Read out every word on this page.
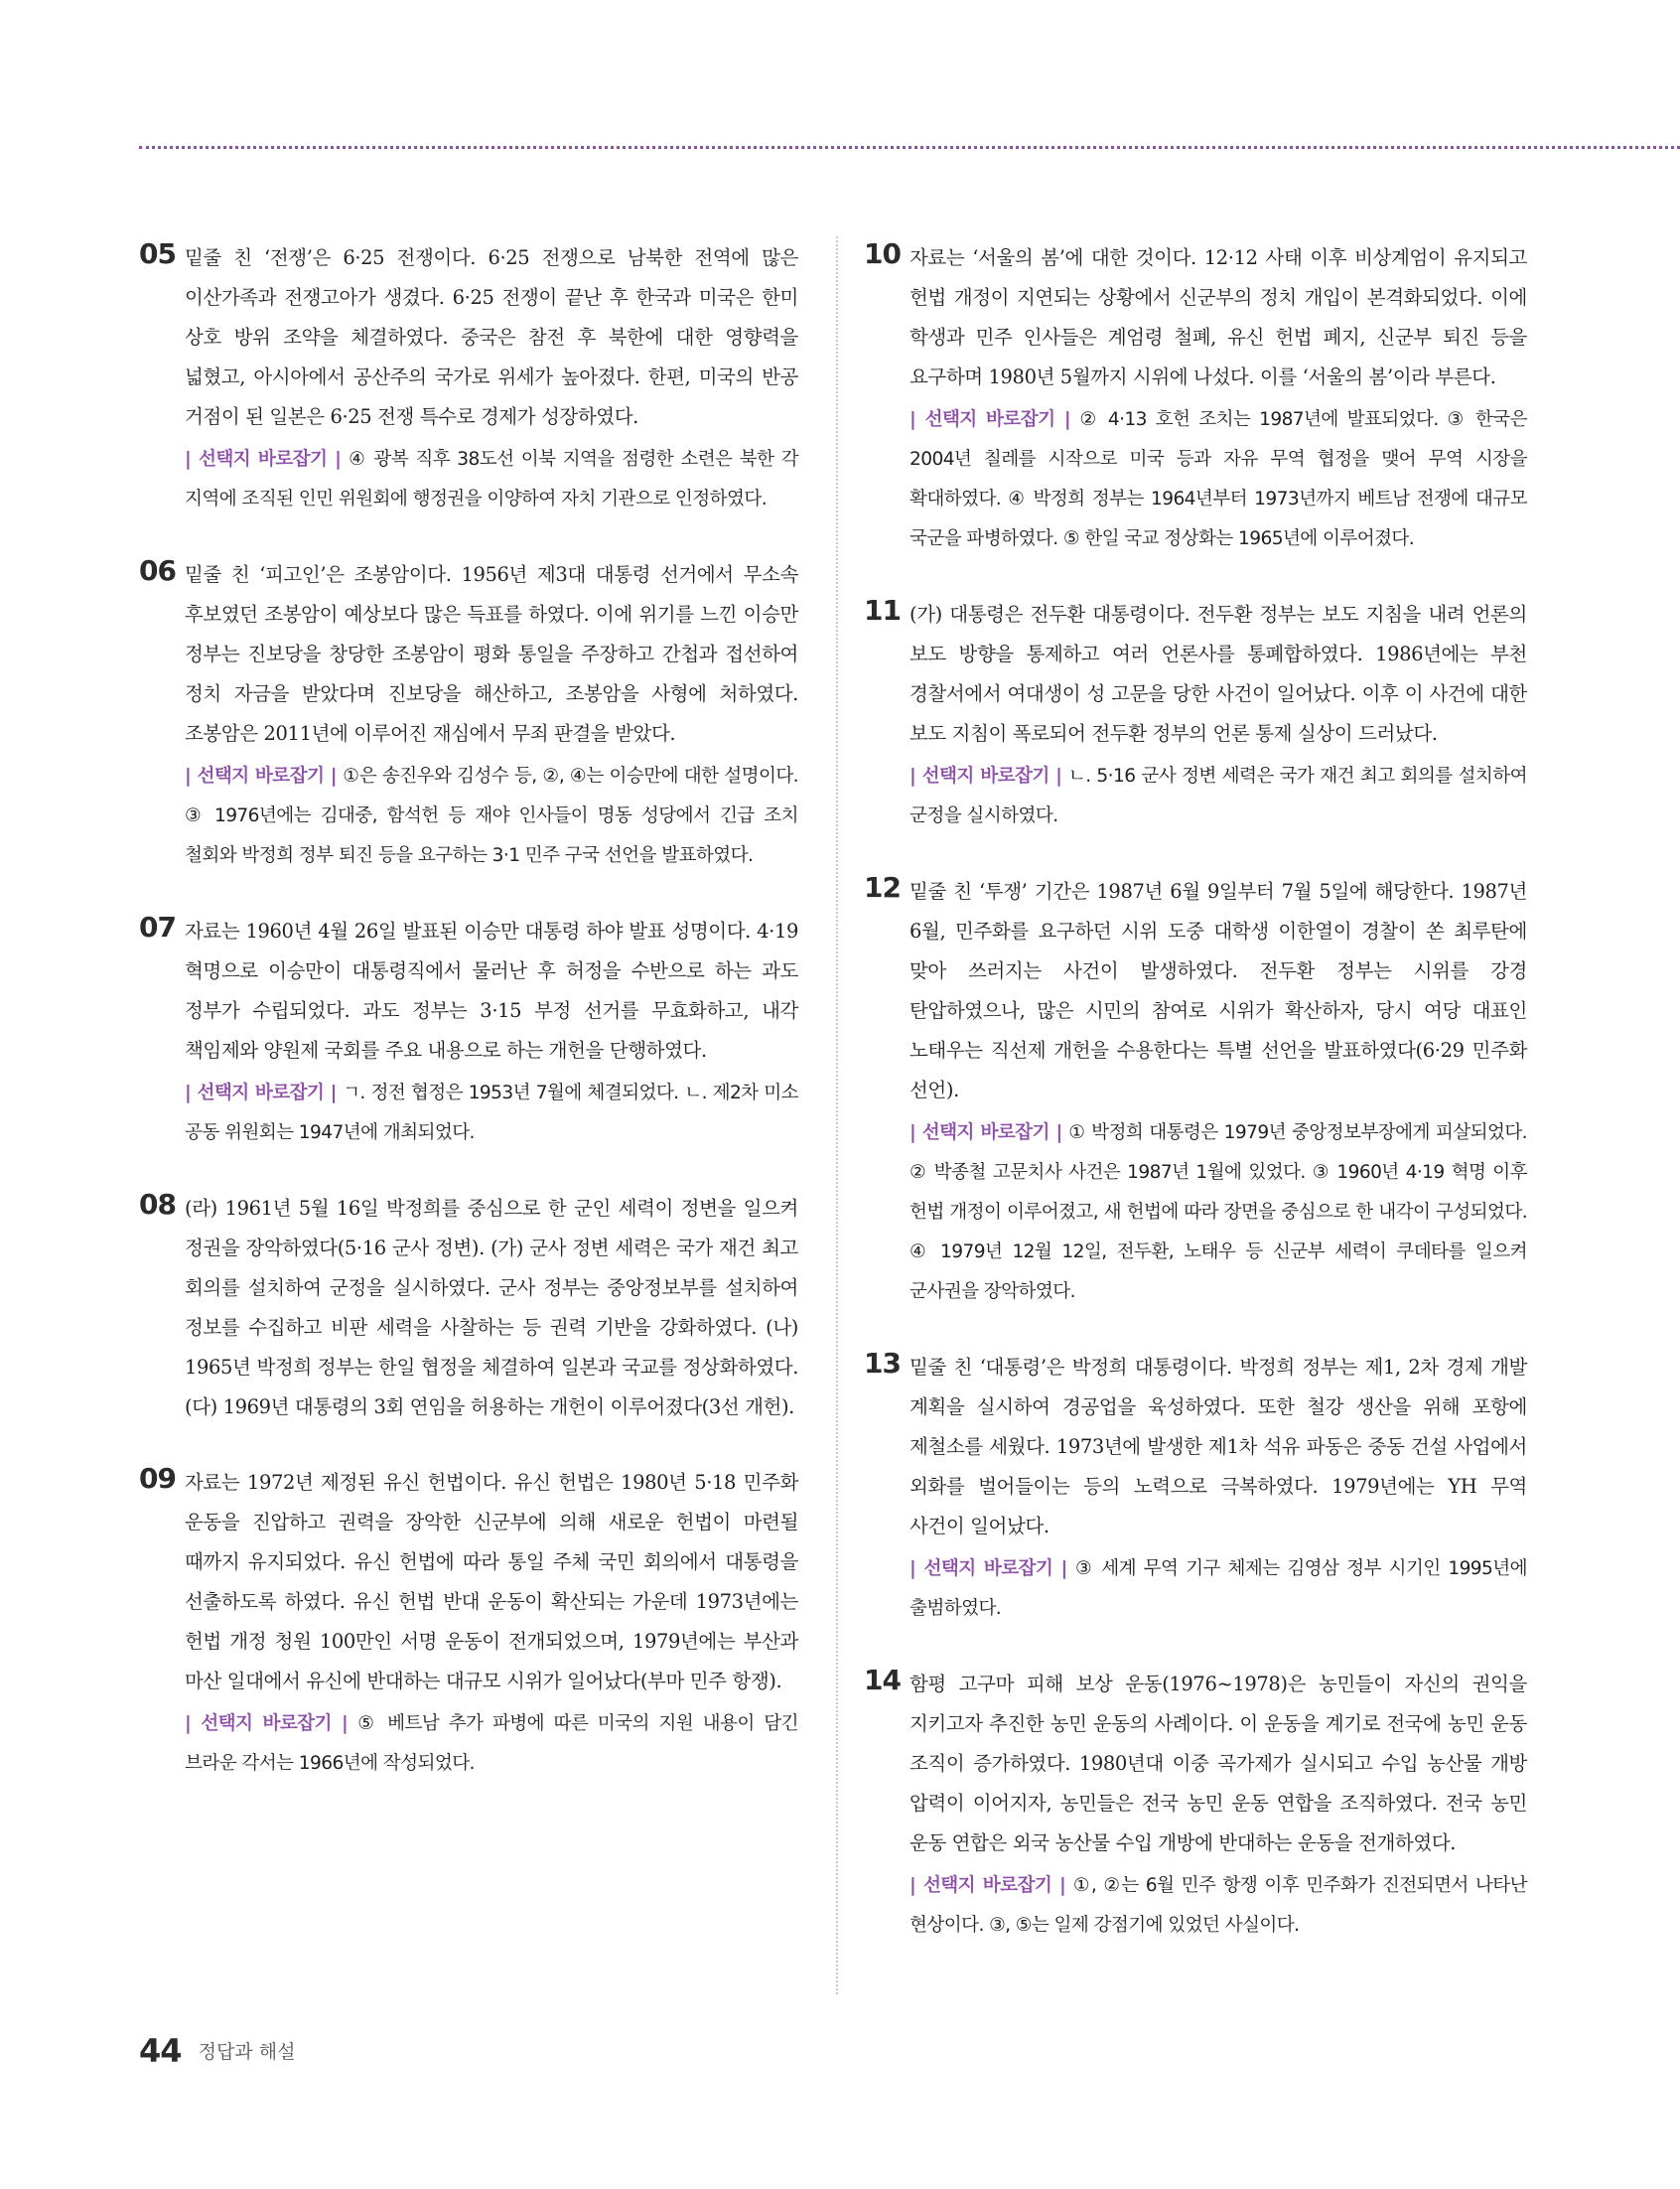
05 밑줄 친 ‘전쟁’은 6·25 전쟁이다. 6·25 전쟁으로 남북한 전역에 많은 이산가족과 전쟁고아가 생겼다. 6·25 전쟁이 끝난 후 한국과 미국은 한미 상호 방위 조약을 체결하였다. 중국은 참전 후 북한에 대한 영향력을 넓혔고, 아시아에서 공산주의 국가로 위세가 높아졌다. 한편, 미국의 반공 거점이 된 일본은 6·25 전쟁 특수로 경제가 성장하였다.

| 선택지 바로잡기 | ④ 광복 직후 38도선 이북 지역을 점령한 소련은 북한 각 지역에 조직된 인민 위원회에 행정권을 이양하여 자치 기관으로 인정하였다.

06 밑줄 친 ‘피고인’은 조봉암이다. 1956년 제3대 대통령 선거에서 무소속 후보였던 조봉암이 예상보다 많은 득표를 하였다. 이에 위기를 느낀 이승만 정부는 진보당을 창당한 조봉암이 평화 통일을 주장하고 간첩과 접선하여 정치 자금을 받았다며 진보당을 해산하고, 조봉암을 사형에 처하였다. 조봉암은 2011년에 이루어진 재심에서 무죄 판결을 받았다.

| 선택지 바로잡기 | ①은 송진우와 김성수 등, ②, ④는 이승만에 대한 설명이다. ③ 1976년에는 김대중, 함석헌 등 재야 인사들이 명동 성당에서 긴급 조치 철회와 박정희 정부 퇴진 등을 요구하는 3·1 민주 구국 선언을 발표하였다.

07 자료는 1960년 4월 26일 발표된 이승만 대통령 하야 발표 성명이다. 4·19 혁명으로 이승만이 대통령직에서 물러난 후 허정을 수반으로 하는 과도 정부가 수립되었다. 과도 정부는 3·15 부정 선거를 무효화하고, 내각 책임제와 양원제 국회를 주요 내용으로 하는 개헌을 단행하였다.

| 선택지 바로잡기 | ㄱ. 정전 협정은 1953년 7월에 체결되었다. ㄴ. 제2차 미소 공동 위원회는 1947년에 개최되었다.

08 (라) 1961년 5월 16일 박정희를 중심으로 한 군인 세력이 정변을 일으켜 정권을 장악하였다(5·16 군사 정변). (가) 군사 정변 세력은 국가 재건 최고 회의를 설치하여 군정을 실시하였다. 군사 정부는 중앙정보부를 설치하여 정보를 수집하고 비판 세력을 사찰하는 등 권력 기반을 강화하였다. (나) 1965년 박정희 정부는 한일 협정을 체결하여 일본과 국교를 정상화하였다. (다) 1969년 대통령의 3회 연임을 허용하는 개헌이 이루어졌다(3선 개헌).

09 자료는 1972년 제정된 유신 헌법이다. 유신 헌법은 1980년 5·18 민주화 운동을 진압하고 권력을 장악한 신군부에 의해 새로운 헌법이 마련될 때까지 유지되었다. 유신 헌법에 따라 통일 주체 국민 회의에서 대통령을 선출하도록 하였다. 유신 헌법 반대 운동이 확산되는 가운데 1973년에는 헌법 개정 청원 100만인 서명 운동이 전개되었으며, 1979년에는 부산과 마산 일대에서 유신에 반대하는 대규모 시위가 일어났다(부마 민주 항쟁).

| 선택지 바로잡기 | ⑤ 베트남 추가 파병에 따른 미국의 지원 내용이 담긴 브라운 각서는 1966년에 작성되었다.

10 자료는 ‘서울의 봄’에 대한 것이다. 12·12 사태 이후 비상계엄이 유지되고 헌법 개정이 지연되는 상황에서 신군부의 정치 개입이 본격화되었다. 이에 학생과 민주 인사들은 계엄령 철폐, 유신 헌법 폐지, 신군부 퇴진 등을 요구하며 1980년 5월까지 시위에 나섰다. 이를 ‘서울의 봄’이라 부른다.

| 선택지 바로잡기 | ② 4·13 호헌 조치는 1987년에 발표되었다. ③ 한국은 2004년 칠레를 시작으로 미국 등과 자유 무역 협정을 맺어 무역 시장을 확대하였다. ④ 박정희 정부는 1964년부터 1973년까지 베트남 전쟁에 대규모 국군을 파병하였다. ⑤ 한일 국교 정상화는 1965년에 이루어졌다.

11 (가) 대통령은 전두환 대통령이다. 전두환 정부는 보도 지침을 내려 언론의 보도 방향을 통제하고 여러 언론사를 통폐합하였다. 1986년에는 부천 경찰서에서 여대생이 성 고문을 당한 사건이 일어났다. 이후 이 사건에 대한 보도 지침이 폭로되어 전두환 정부의 언론 통제 실상이 드러났다.

| 선택지 바로잡기 | ㄴ. 5·16 군사 정변 세력은 국가 재건 최고 회의를 설치하여 군정을 실시하였다.

12 밑줄 친 ‘투쟁’ 기간은 1987년 6월 9일부터 7월 5일에 해당한다. 1987년 6월, 민주화를 요구하던 시위 도중 대학생 이한열이 경찰이 쏜 최루탄에 맞아 쓰러지는 사건이 발생하였다. 전두환 정부는 시위를 강경 탄압하였으나, 많은 시민의 참여로 시위가 확산하자, 당시 여당 대표인 노태우는 직선제 개헌을 수용한다는 특별 선언을 발표하였다(6·29 민주화 선언).

| 선택지 바로잡기 | ① 박정희 대통령은 1979년 중앙정보부장에게 피살되었다. ② 박종철 고문치사 사건은 1987년 1월에 있었다. ③ 1960년 4·19 혁명 이후 헌법 개정이 이루어졌고, 새 헌법에 따라 장면을 중심으로 한 내각이 구성되었다. ④ 1979년 12월 12일, 전두환, 노태우 등 신군부 세력이 쿠데타를 일으켜 군사권을 장악하였다.

13 밑줄 친 ‘대통령’은 박정희 대통령이다. 박정희 정부는 제1, 2차 경제 개발 계획을 실시하여 경공업을 육성하였다. 또한 철강 생산을 위해 포항에 제철소를 세웠다. 1973년에 발생한 제1차 석유 파동은 중동 건설 사업에서 외화를 벌어들이는 등의 노력으로 극복하였다. 1979년에는 YH 무역 사건이 일어났다.

| 선택지 바로잡기 | ③ 세계 무역 기구 체제는 김영삼 정부 시기인 1995년에 출범하였다.

14 함평 고구마 피해 보상 운동(1976~1978)은 농민들이 자신의 권익을 지키고자 추진한 농민 운동의 사례이다. 이 운동을 계기로 전국에 농민 운동 조직이 증가하였다. 1980년대 이중 곡가제가 실시되고 수입 농산물 개방 압력이 이어지자, 농민들은 전국 농민 운동 연합을 조직하였다. 전국 농민 운동 연합은 외국 농산물 수입 개방에 반대하는 운동을 전개하였다.

| 선택지 바로잡기 | ①, ②는 6월 민주 항쟁 이후 민주화가 진전되면서 나타난 현상이다. ③, ⑤는 일제 강점기에 있었던 사실이다.

44 정답과 해설
